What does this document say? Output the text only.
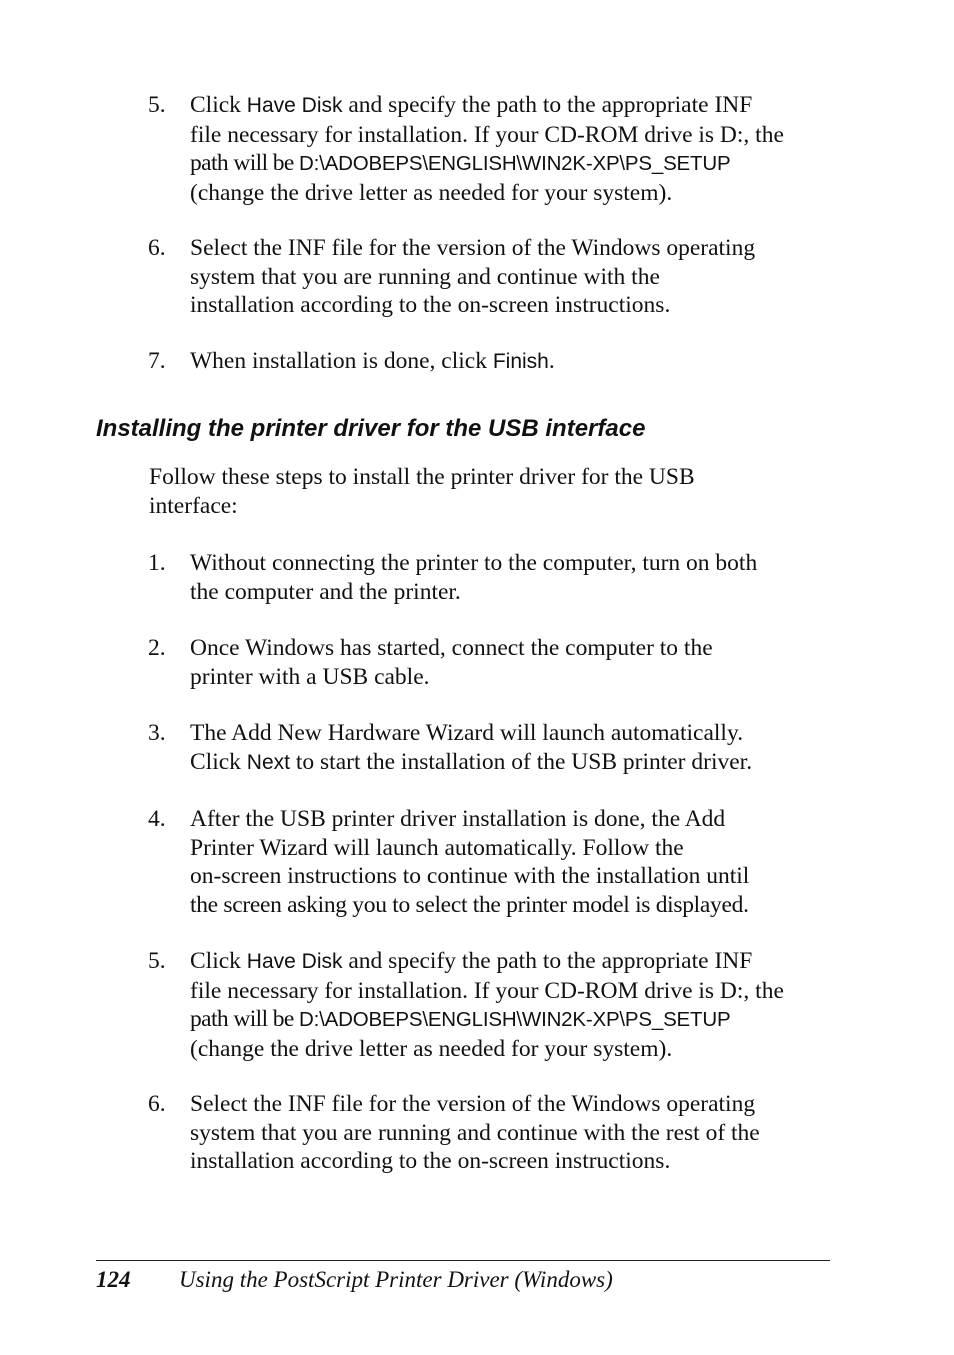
5.	Click Have Disk and specify the path to the appropriate INF
file necessary for installation. If your CD-ROM drive is D:, the
path will be D:\ADOBEPS\ENGLISH\WIN2K-XP\PS_SETUP
(change the drive letter as needed for your system).
6.	Select the INF file for the version of the Windows operating
system that you are running and continue with the
installation according to the on-screen instructions.
7.	When installation is done, click Finish.
Installing the printer driver for the USB interface
Follow these steps to install the printer driver for the USB
interface:
1.	Without connecting the printer to the computer, turn on both
the computer and the printer.
2.	Once Windows has started, connect the computer to the
printer with a USB cable.
3.	The Add New Hardware Wizard will launch automatically.
Click Next to start the installation of the USB printer driver.
4.	After the USB printer driver installation is done, the Add
Printer Wizard will launch automatically. Follow the
on-screen instructions to continue with the installation until
the screen asking you to select the printer model is displayed.
5.	Click Have Disk and specify the path to the appropriate INF
file necessary for installation. If your CD-ROM drive is D:, the
path will be D:\ADOBEPS\ENGLISH\WIN2K-XP\PS_SETUP
(change the drive letter as needed for your system).
6.	Select the INF file for the version of the Windows operating
system that you are running and continue with the rest of the
installation according to the on-screen instructions.
124 Using the PostScript Printer Driver (Windows)
